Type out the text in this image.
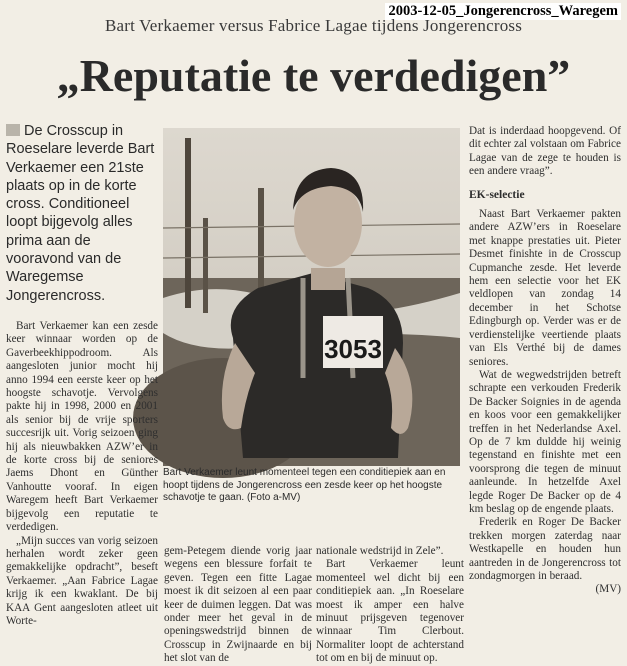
2003-12-05_Jongerencross_Waregem
Bart Verkaemer versus Fabrice Lagae tijdens Jongerencross
„Reputatie te verdedigen”
De Crosscup in Roeselare leverde Bart Verkaemer een 21ste plaats op in de korte cross. Conditioneel loopt bijgevolg alles prima aan de vooravond van de Waregemse Jongerencross.
3053
Bart Verkaemer leunt momenteel tegen een conditiepiek aan en hoopt tijdens de Jongerencross een zesde keer op het hoogste schavotje te gaan. (Foto a-MV)

Bart Verkaemer kan een zesde keer winnaar worden op de Gaverbeekhippodroom. Als aangesloten junior mocht hij anno 1994 een eerste keer op het hoogste schavotje. Vervolgens pakte hij in 1998, 2000 en 2001 als senior bij de vrije sporters succesrijk uit. Vorig seizoen ging hij als nieuwbakken AZW’er in de korte cross bij de seniores Jaems Dhont en Günther Vanhoutte vooraf. In eigen Waregem heeft Bart Verkaemer bijgevolg een reputatie te verdedigen.

„Mijn succes van vorig seizoen herhalen wordt zeker geen gemakkelijke opdracht”, beseft Verkaemer. „Aan Fabrice Lagae krijg ik een kwaklant. De bij KAA Gent aangesloten atleet uit Worte-

gem-Petegem diende vorig jaar wegens een blessure forfait te geven. Tegen een fitte Lagae moest ik dit seizoen al een paar keer de duimen leggen. Dat was onder meer het geval in de openingswedstrijd binnen de Crosscup in Zwijnaarde en bij het slot van de

nationale wedstrijd in Zele”.

Bart Verkaemer leunt momenteel wel dicht bij een conditiepiek aan. „In Roeselare moest ik amper een halve minuut prijsgeven tegenover winnaar Tim Clerbout. Normaliter loopt de achterstand tot om en bij de minuut op.

Dat is inderdaad hoopgevend. Of dit echter zal volstaan om Fabrice Lagae van de zege te houden is een andere vraag”.

EK-selectie

Naast Bart Verkaemer pakten andere AZW’ers in Roeselare met knappe prestaties uit. Pieter Desmet finishte in de Crosscup Cupmanche zesde. Het leverde hem een selectie voor het EK veldlopen van zondag 14 december in het Schotse Edingburgh op. Verder was er de verdienstelijke veertiende plaats van Els Verthé bij de dames seniores.

Wat de wegwedstrijden betreft schrapte een verkouden Frederik De Backer Soignies in de agenda en koos voor een gemakkelijker treffen in het Nederlandse Axel. Op de 7 km duldde hij weinig tegenstand en finishte met een voorsprong die tegen de minuut aanleunde. In hetzelfde Axel legde Roger De Backer op de 4 km beslag op de engende plaats.

Frederik en Roger De Backer trekken morgen zaterdag naar Westkapelle en houden hun aantreden in de Jongerencross tot zondagmorgen in beraad.

(MV)
